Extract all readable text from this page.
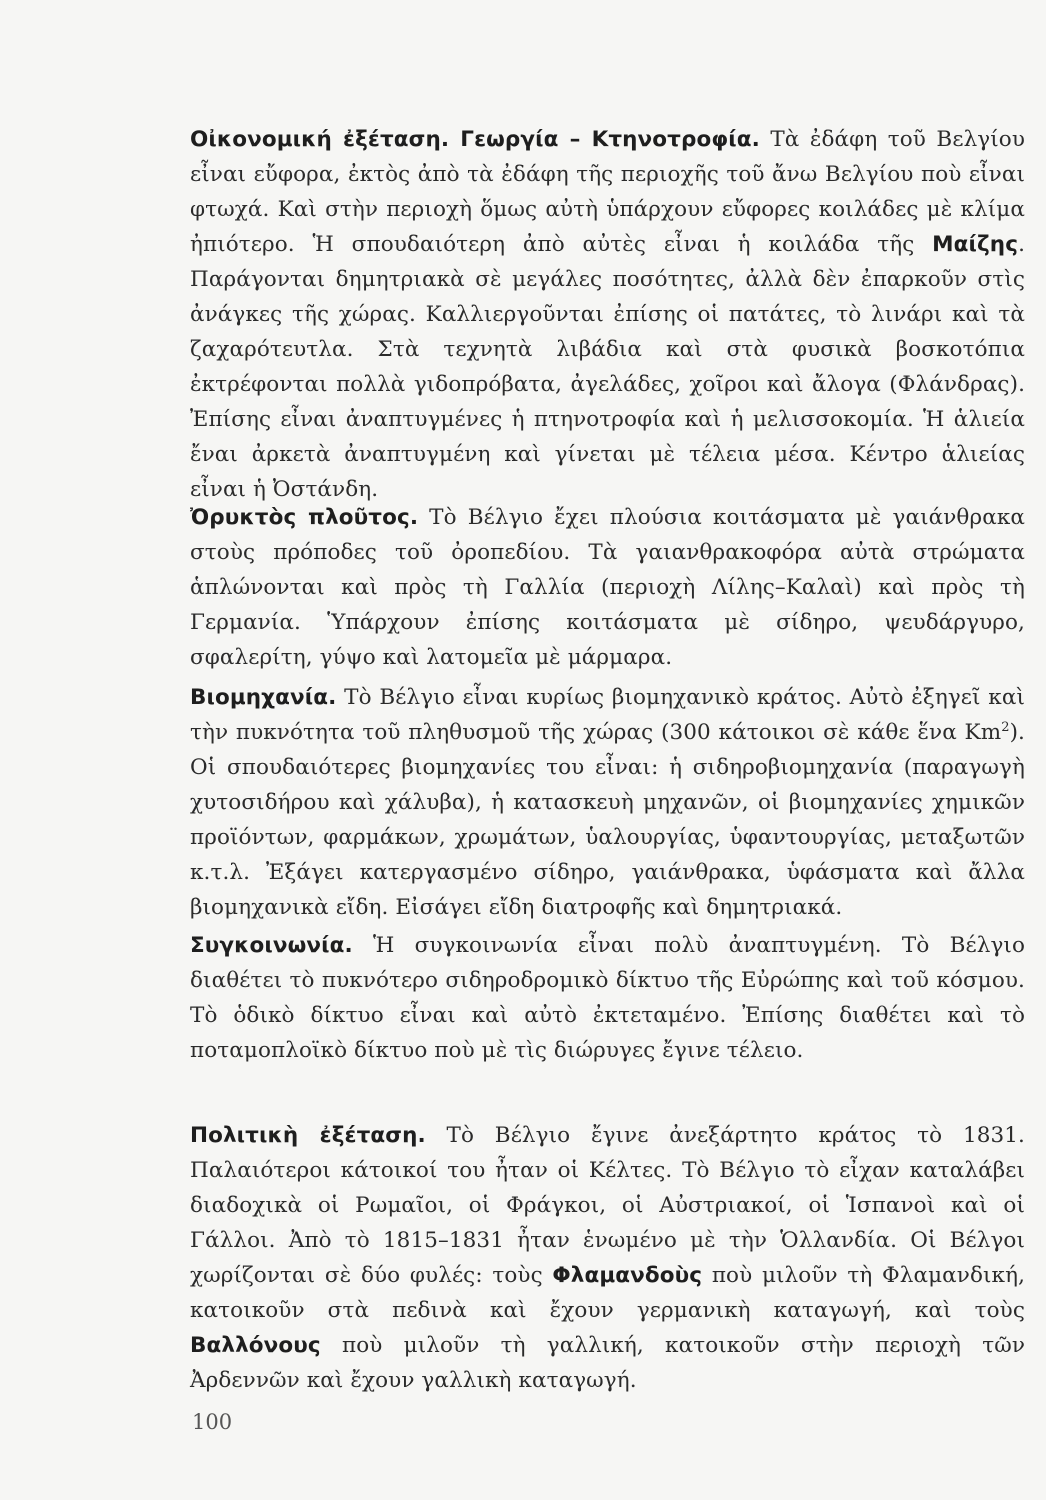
Οἰκονομική ἐξέταση. Γεωργία – Κτηνοτροφία. Τὰ ἐδάφη τοῦ Βελγίου εἶναι εὔφορα, ἐκτὸς ἀπὸ τὰ ἐδάφη τῆς περιοχῆς τοῦ ἄνω Βελγίου ποὺ εἶναι φτωχά. Καὶ στὴν περιοχὴ ὅμως αὐτὴ ὑπάρχουν εὔφορες κοιλάδες μὲ κλίμα ἠπιότερο. Ἡ σπουδαιότερη ἀπὸ αὐτὲς εἶναι ἡ κοιλάδα τῆς Μαίζης. Παράγονται δημητριακὰ σὲ μεγάλες ποσότητες, ἀλλὰ δὲν ἐπαρκοῦν στὶς ἀνάγκες τῆς χώρας. Καλλιεργοῦνται ἐπίσης οἱ πατάτες, τὸ λινάρι καὶ τὰ ζαχαρότευτλα. Στὰ τεχνητὰ λιβάδια καὶ στὰ φυσικὰ βοσκοτόπια ἐκτρέφονται πολλὰ γιδοπρόβατα, ἀγελάδες, χοῖροι καὶ ἄλογα (Φλάνδρας). Ἐπίσης εἶναι ἀναπτυγμένες ἡ πτηνοτροφία καὶ ἡ μελισσοκομία. Ἡ ἁλιεία ἔναι ἀρκετὰ ἀναπτυγμένη καὶ γίνεται μὲ τέλεια μέσα. Κέντρο ἁλιείας εἶναι ἡ Ὀστάνδη.

Ὀρυκτὸς πλοῦτος. Τὸ Βέλγιο ἔχει πλούσια κοιτάσματα μὲ γαιάνθρακα στοὺς πρόποδες τοῦ ὀροπεδίου. Τὰ γαιανθρακοφόρα αὐτὰ στρώματα ἁπλώνονται καὶ πρὸς τὴ Γαλλία (περιοχὴ Λίλης–Καλαὶ) καὶ πρὸς τὴ Γερμανία. Ὑπάρχουν ἐπίσης κοιτάσματα μὲ σίδηρο, ψευδάργυρο, σφαλερίτη, γύψο καὶ λατομεῖα μὲ μάρμαρα.

Βιομηχανία. Τὸ Βέλγιο εἶναι κυρίως βιομηχανικὸ κράτος. Αὐτὸ ἐξηγεῖ καὶ τὴν πυκνότητα τοῦ πληθυσμοῦ τῆς χώρας (300 κάτοικοι σὲ κάθε ἕνα Km$^2$). Οἱ σπουδαιότερες βιομηχανίες του εἶναι: ἡ σιδηροβιομηχανία (παραγωγὴ χυτοσιδήρου καὶ χάλυβα), ἡ κατασκευὴ μηχανῶν, οἱ βιομηχανίες χημικῶν προϊόντων, φαρμάκων, χρωμάτων, ὑαλουργίας, ὑφαντουργίας, μεταξωτῶν κ.τ.λ. Ἐξάγει κατεργασμένο σίδηρο, γαιάνθρακα, ὑφάσματα καὶ ἄλλα βιομηχανικὰ εἴδη. Εἰσάγει εἴδη διατροφῆς καὶ δημητριακά.

Συγκοινωνία. Ἡ συγκοινωνία εἶναι πολὺ ἀναπτυγμένη. Τὸ Βέλγιο διαθέτει τὸ πυκνότερο σιδηροδρομικὸ δίκτυο τῆς Εὐρώπης καὶ τοῦ κόσμου. Τὸ ὁδικὸ δίκτυο εἶναι καὶ αὐτὸ ἐκτεταμένο. Ἐπίσης διαθέτει καὶ τὸ ποταμοπλοϊκὸ δίκτυο ποὺ μὲ τὶς διώρυγες ἔγινε τέλειο.

Πολιτικὴ ἐξέταση. Τὸ Βέλγιο ἔγινε ἀνεξάρτητο κράτος τὸ 1831. Παλαιότεροι κάτοικοί του ἦταν οἱ Κέλτες. Τὸ Βέλγιο τὸ εἶχαν καταλάβει διαδοχικὰ οἱ Ρωμαῖοι, οἱ Φράγκοι, οἱ Αὐστριακοί, οἱ Ἱσπανοὶ καὶ οἱ Γάλλοι. Ἀπὸ τὸ 1815–1831 ἦταν ἑνωμένο μὲ τὴν Ὁλλανδία. Οἱ Βέλγοι χωρίζονται σὲ δύο φυλές: τοὺς Φλαμανδοὺς ποὺ μιλοῦν τὴ Φλαμανδική, κατοικοῦν στὰ πεδινὰ καὶ ἔχουν γερμανικὴ καταγωγή, καὶ τοὺς Βαλλόνους ποὺ μιλοῦν τὴ γαλλική, κατοικοῦν στὴν περιοχὴ τῶν Ἀρδεννῶν καὶ ἔχουν γαλλικὴ καταγωγή.

100
